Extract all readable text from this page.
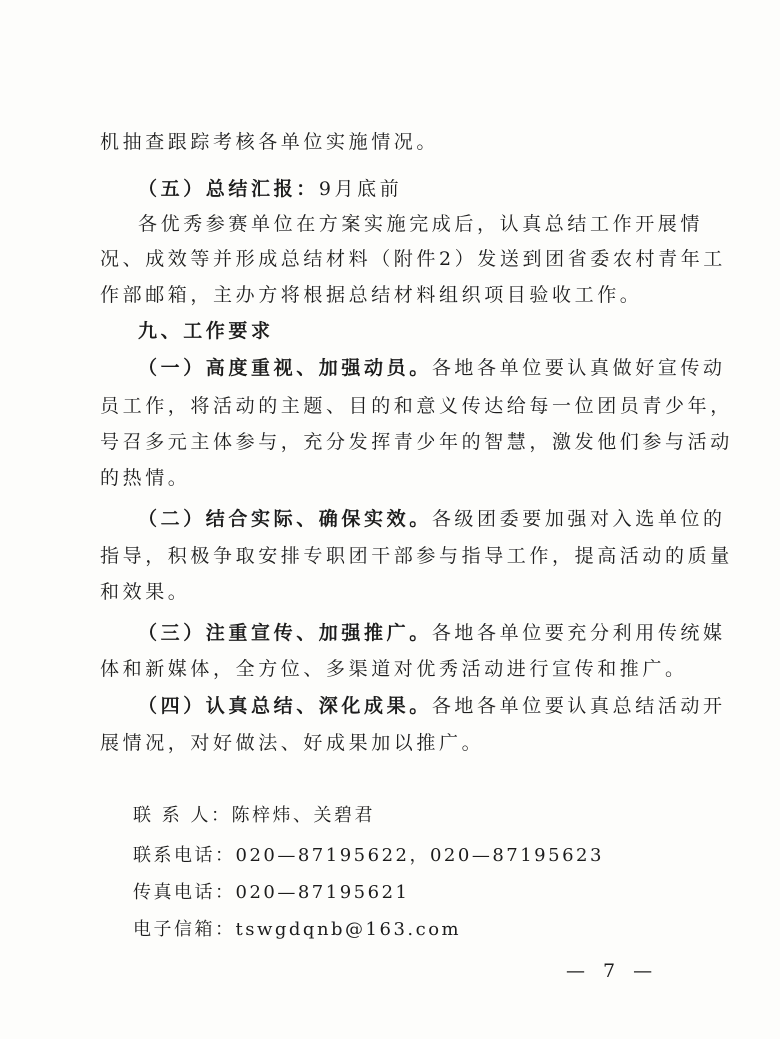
机抽查跟踪考核各单位实施情况。
（五）总结汇报：9月底前
各优秀参赛单位在方案实施完成后，认真总结工作开展情
况、成效等并形成总结材料（附件2）发送到团省委农村青年工
作部邮箱，主办方将根据总结材料组织项目验收工作。
九、工作要求
（一）高度重视、加强动员。各地各单位要认真做好宣传动
员工作，将活动的主题、目的和意义传达给每一位团员青少年，
号召多元主体参与，充分发挥青少年的智慧，激发他们参与活动
的热情。
（二）结合实际、确保实效。各级团委要加强对入选单位的
指导，积极争取安排专职团干部参与指导工作，提高活动的质量
和效果。
（三）注重宣传、加强推广。各地各单位要充分利用传统媒
体和新媒体，全方位、多渠道对优秀活动进行宣传和推广。
（四）认真总结、深化成果。各地各单位要认真总结活动开
展情况，对好做法、好成果加以推广。
联 系 人：陈梓炜、关碧君
联系电话：020—87195622，020—87195623
传真电话：020—87195621
电子信箱：tswgdqnb@163.com
— 7 —
